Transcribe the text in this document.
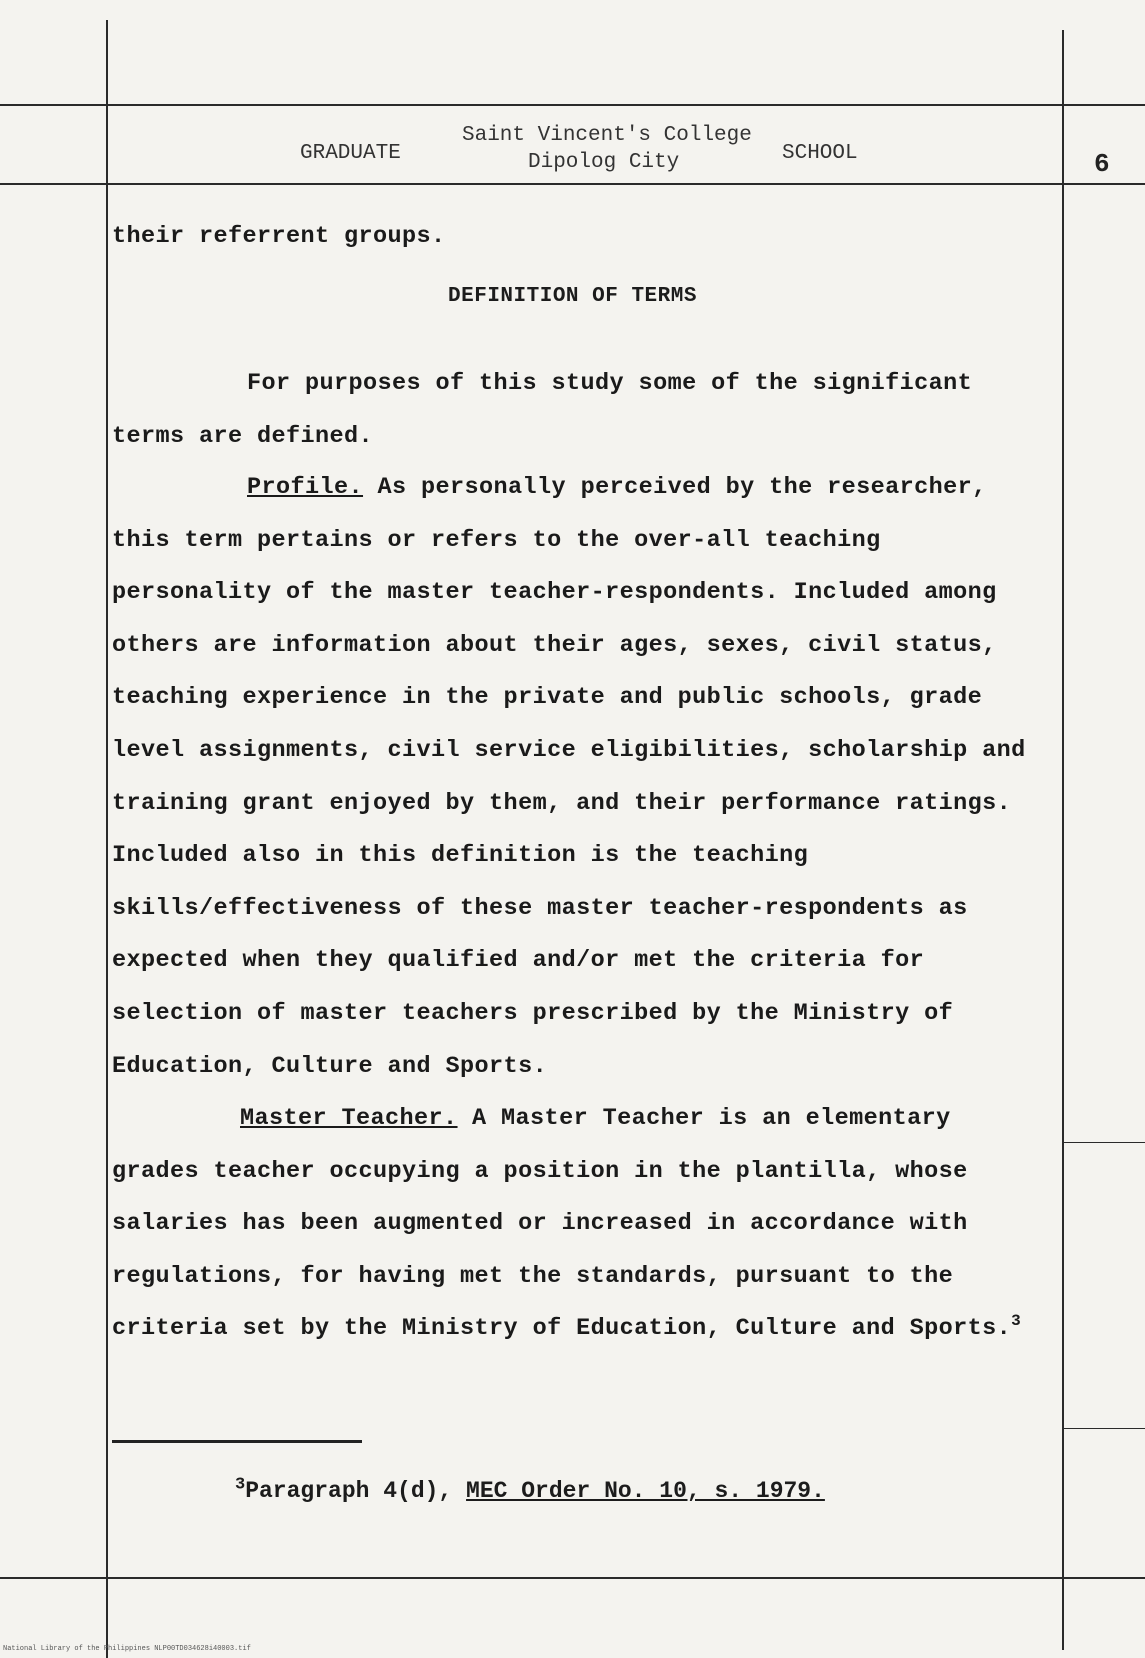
GRADUATE
Saint Vincent's College
Dipolog City	SCHOOL	6

their referrent groups.

DEFINITION OF TERMS

For purposes of this study some of the significant terms are defined.

Profile. As personally perceived by the researcher, this term pertains or refers to the over-all teaching personality of the master teacher-respondents. Included among others are information about their ages, sexes, civil status, teaching experience in the private and public schools, grade level assignments, civil service eligibilities, scholarship and training grant enjoyed by them, and their performance ratings. Included also in this definition is the teaching skills/effectiveness of these master teacher-respondents as expected when they qualified and/or met the criteria for selection of master teachers prescribed by the Ministry of Education, Culture and Sports.

Master Teacher. A Master Teacher is an elementary grades teacher occupying a position in the plantilla, whose salaries has been augmented or increased in accordance with regulations, for having met the standards, pursuant to the criteria set by the Ministry of Education, Culture and Sports.$^3$

$^3$Paragraph 4(d), MEC Order No. 10, s. 1979.
National Library of the Philippines NLP00TD034628i40003.tif
